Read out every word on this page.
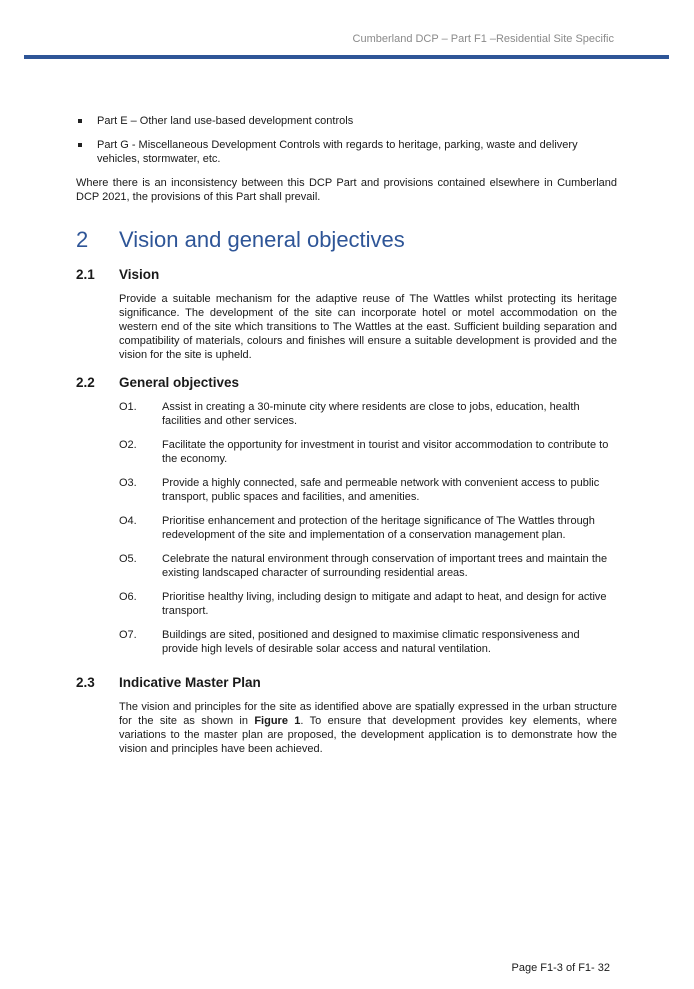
Cumberland DCP – Part F1 –Residential Site Specific
Part E – Other land use-based development controls
Part G - Miscellaneous Development Controls with regards to heritage, parking, waste and delivery vehicles, stormwater, etc.

Where there is an inconsistency between this DCP Part and provisions contained elsewhere in Cumberland DCP 2021, the provisions of this Part shall prevail.

2	Vision and general objectives
2.1	Vision

Provide a suitable mechanism for the adaptive reuse of The Wattles whilst protecting its heritage significance. The development of the site can incorporate hotel or motel accommodation on the western end of the site which transitions to The Wattles at the east. Sufficient building separation and compatibility of materials, colours and finishes will ensure a suitable development is provided and the vision for the site is upheld.

2.2	General objectives
O1.	Assist in creating a 30-minute city where residents are close to jobs, education, health facilities and other services.
O2.	Facilitate the opportunity for investment in tourist and visitor accommodation to contribute to the economy.
O3.	Provide a highly connected, safe and permeable network with convenient access to public transport, public spaces and facilities, and amenities.
O4.	Prioritise enhancement and protection of the heritage significance of The Wattles through redevelopment of the site and implementation of a conservation management plan.
O5.	Celebrate the natural environment through conservation of important trees and maintain the existing landscaped character of surrounding residential areas.
O6.	Prioritise healthy living, including design to mitigate and adapt to heat, and design for active transport.
O7.	Buildings are sited, positioned and designed to maximise climatic responsiveness and provide high levels of desirable solar access and natural ventilation.
2.3	Indicative Master Plan

The vision and principles for the site as identified above are spatially expressed in the urban structure for the site as shown in Figure 1. To ensure that development provides key elements, where variations to the master plan are proposed, the development application is to demonstrate how the vision and principles have been achieved.

Page F1-3 of F1- 32
